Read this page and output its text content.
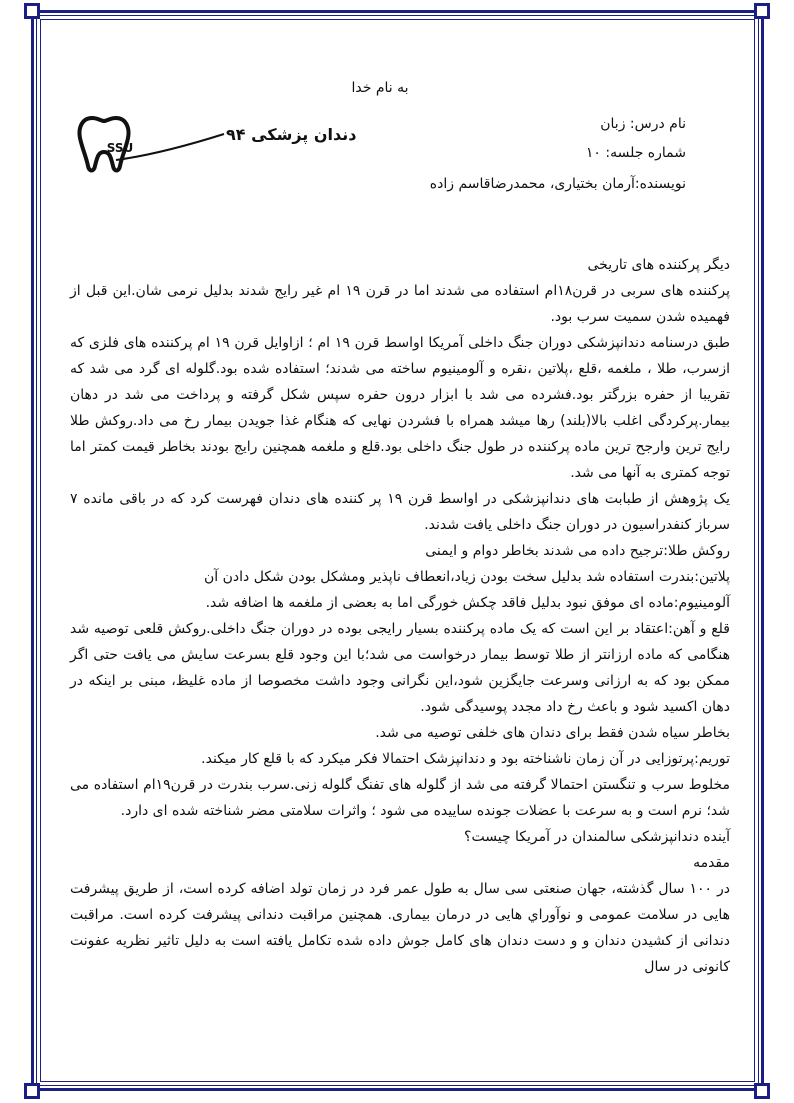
به نام خدا
نام درس: زبان
شماره جلسه: ۱۰
نویسنده:آرمان بختیاری، محمدرضاقاسم زاده
دندان پزشکی ۹۴
SSU

دیگر پرکننده های تاریخی

پرکننده های سربی در قرن۱۸ام استفاده می شدند اما در قرن ۱۹ ام غیر رایج شدند بدلیل نرمی شان.این قبل از فهمیده شدن سمیت سرب بود.

طبق درسنامه دندانپزشکی دوران جنگ داخلی آمریکا اواسط قرن ۱۹ ام ؛ ازاوایل قرن ۱۹ ام پرکننده های فلزی که ازسرب، طلا ، ملغمه ،قلع ،پلاتین ،نقره و آلومینیوم ساخته می شدند؛ استفاده شده بود.گلوله ای گرد می شد که تقریبا از حفره بزرگتر بود.فشرده می شد با ابزار درون حفره سپس شکل گرفته و پرداخت می شد در دهان بیمار.پرکردگی اغلب بالا(بلند) رها میشد همراه با فشردن نهایی که هنگام غذا جویدن بیمار رخ می داد.روکش طلا رایج ترین وارجح ترین ماده پرکننده در طول جنگ داخلی بود.قلع و ملغمه همچنین رایج بودند بخاطر قیمت کمتر اما توجه کمتری به آنها می شد.

یک پژوهش از طبابت های دندانپزشکی در اواسط قرن ۱۹ پر کننده های دندان فهرست کرد که در باقی مانده ۷ سرباز کنفدراسیون در دوران جنگ داخلی یافت شدند.

روکش طلا:ترجیح داده می شدند بخاطر دوام و ایمنی

پلاتین:بندرت استفاده شد بدلیل سخت بودن زیاد،انعطاف ناپذیر ومشکل بودن شکل دادن آن

آلومینیوم:ماده ای موفق نبود بدلیل فاقد چکش خورگی اما به بعضی از ملغمه ها اضافه شد.

قلع و آهن:اعتقاد بر این است که یک ماده پرکننده بسیار رایجی بوده در دوران جنگ داخلی.روکش قلعی توصیه شد هنگامی که ماده ارزانتر از طلا توسط بیمار درخواست می شد؛با این وجود قلع بسرعت سایش می یافت حتی اگر ممکن بود که به ارزانی وسرعت جایگزین شود،این نگرانی وجود داشت مخصوصا از ماده غلیظ، مبنی بر اینکه در دهان اکسید شود و باعث رخ داد مجدد پوسیدگی شود.

بخاطر سیاه شدن فقط برای دندان های خلفی توصیه می شد.

توریم:پرتوزایی در آن زمان ناشناخته بود و دندانپزشک احتمالا فکر میکرد که با قلع کار میکند.

مخلوط سرب و تنگستن احتمالا گرفته می شد از گلوله های تفنگ گلوله زنی.سرب بندرت در قرن۱۹ام استفاده می شد؛ نرم است و به سرعت با عضلات جونده ساییده می شود ؛ واثرات سلامتی مضر شناخته شده ای دارد.

آینده دندانپزشکی سالمندان در آمریکا چیست؟

مقدمه

در ۱۰۰ سال گذشته، جهان صنعتی سی سال به طول عمر فرد در زمان تولد اضافه کرده است، از طریق پیشرفت هایی در سلامت عمومی و نوآوراي هایی در درمان بیماری. همچنین مراقبت دندانی پیشرفت کرده است. مراقبت دندانی از کشیدن دندان و و دست دندان های کامل جوش داده شده تکامل یافته است به دلیل تاثیر نظریه عفونت کانونی در سال
